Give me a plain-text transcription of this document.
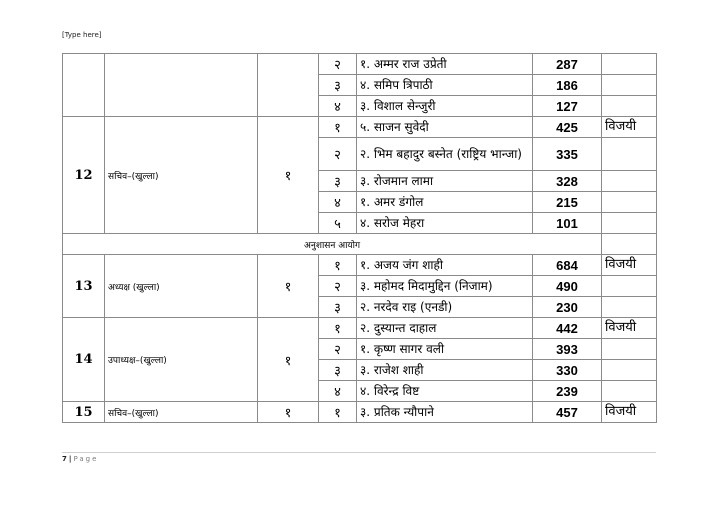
[Type here]
			२	१. अम्मर राज उप्रेती	287	
			३	४. समिप त्रिपाठी	186	
			४	३. विशाल सेन्जुरी	127	
12	सचिव–(खुल्ला)	१	१	५. साजन सुवेदी	425	विजयी
			२	२. भिम बहादुर बस्नेत (राष्ट्रिय भान्जा)	335	
			३	३. रोजमान लामा	328	
			४	१. अमर डंगोल	215	
			५	४. सरोज मेहरा	101	
अनुशासन आयोग						
13	अध्यक्ष (खुल्ला)	१	१	१. अजय जंग शाही	684	विजयी
			२	३. महोमद मिदामुद्दिन (निजाम)	490	
			३	२. नरदेव राइ (एनडी)	230	
14	उपाध्यक्ष–(खुल्ला)	१	१	२. दुस्यान्त दाहाल	442	विजयी
			२	१. कृष्ण सागर वली	393	
			३	३. राजेश शाही	330	
			४	४. विरेन्द्र विष्ट	239	
15	सचिव–(खुल्ला)	१	१	३. प्रतिक न्यौपाने	457	विजयी
7 | Page
